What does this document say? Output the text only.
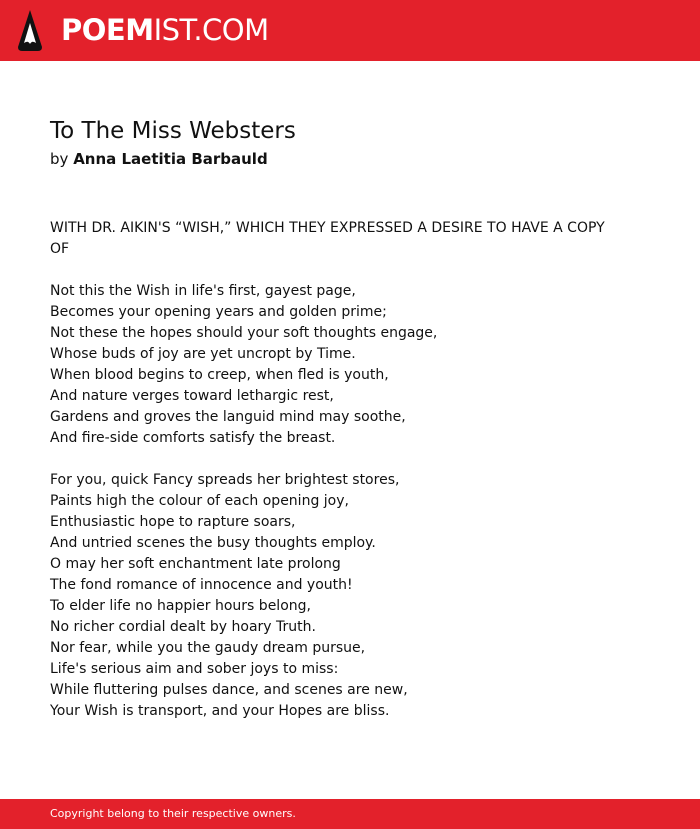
POEMIST.COM
To The Miss Websters
by Anna Laetitia Barbauld
WITH DR. AIKIN'S “WISH,” WHICH THEY EXPRESSED A DESIRE TO HAVE A COPY
OF
Not this the Wish in life's first, gayest page,
Becomes your opening years and golden prime;
Not these the hopes should your soft thoughts engage,
Whose buds of joy are yet uncropt by Time.
When blood begins to creep, when fled is youth,
And nature verges toward lethargic rest,
Gardens and groves the languid mind may soothe,
And fire-side comforts satisfy the breast.
For you, quick Fancy spreads her brightest stores,
Paints high the colour of each opening joy,
Enthusiastic hope to rapture soars,
And untried scenes the busy thoughts employ.
O may her soft enchantment late prolong
The fond romance of innocence and youth!
To elder life no happier hours belong,
No richer cordial dealt by hoary Truth.
Nor fear, while you the gaudy dream pursue,
Life's serious aim and sober joys to miss:
While fluttering pulses dance, and scenes are new,
Your Wish is transport, and your Hopes are bliss.
Copyright belong to their respective owners.
